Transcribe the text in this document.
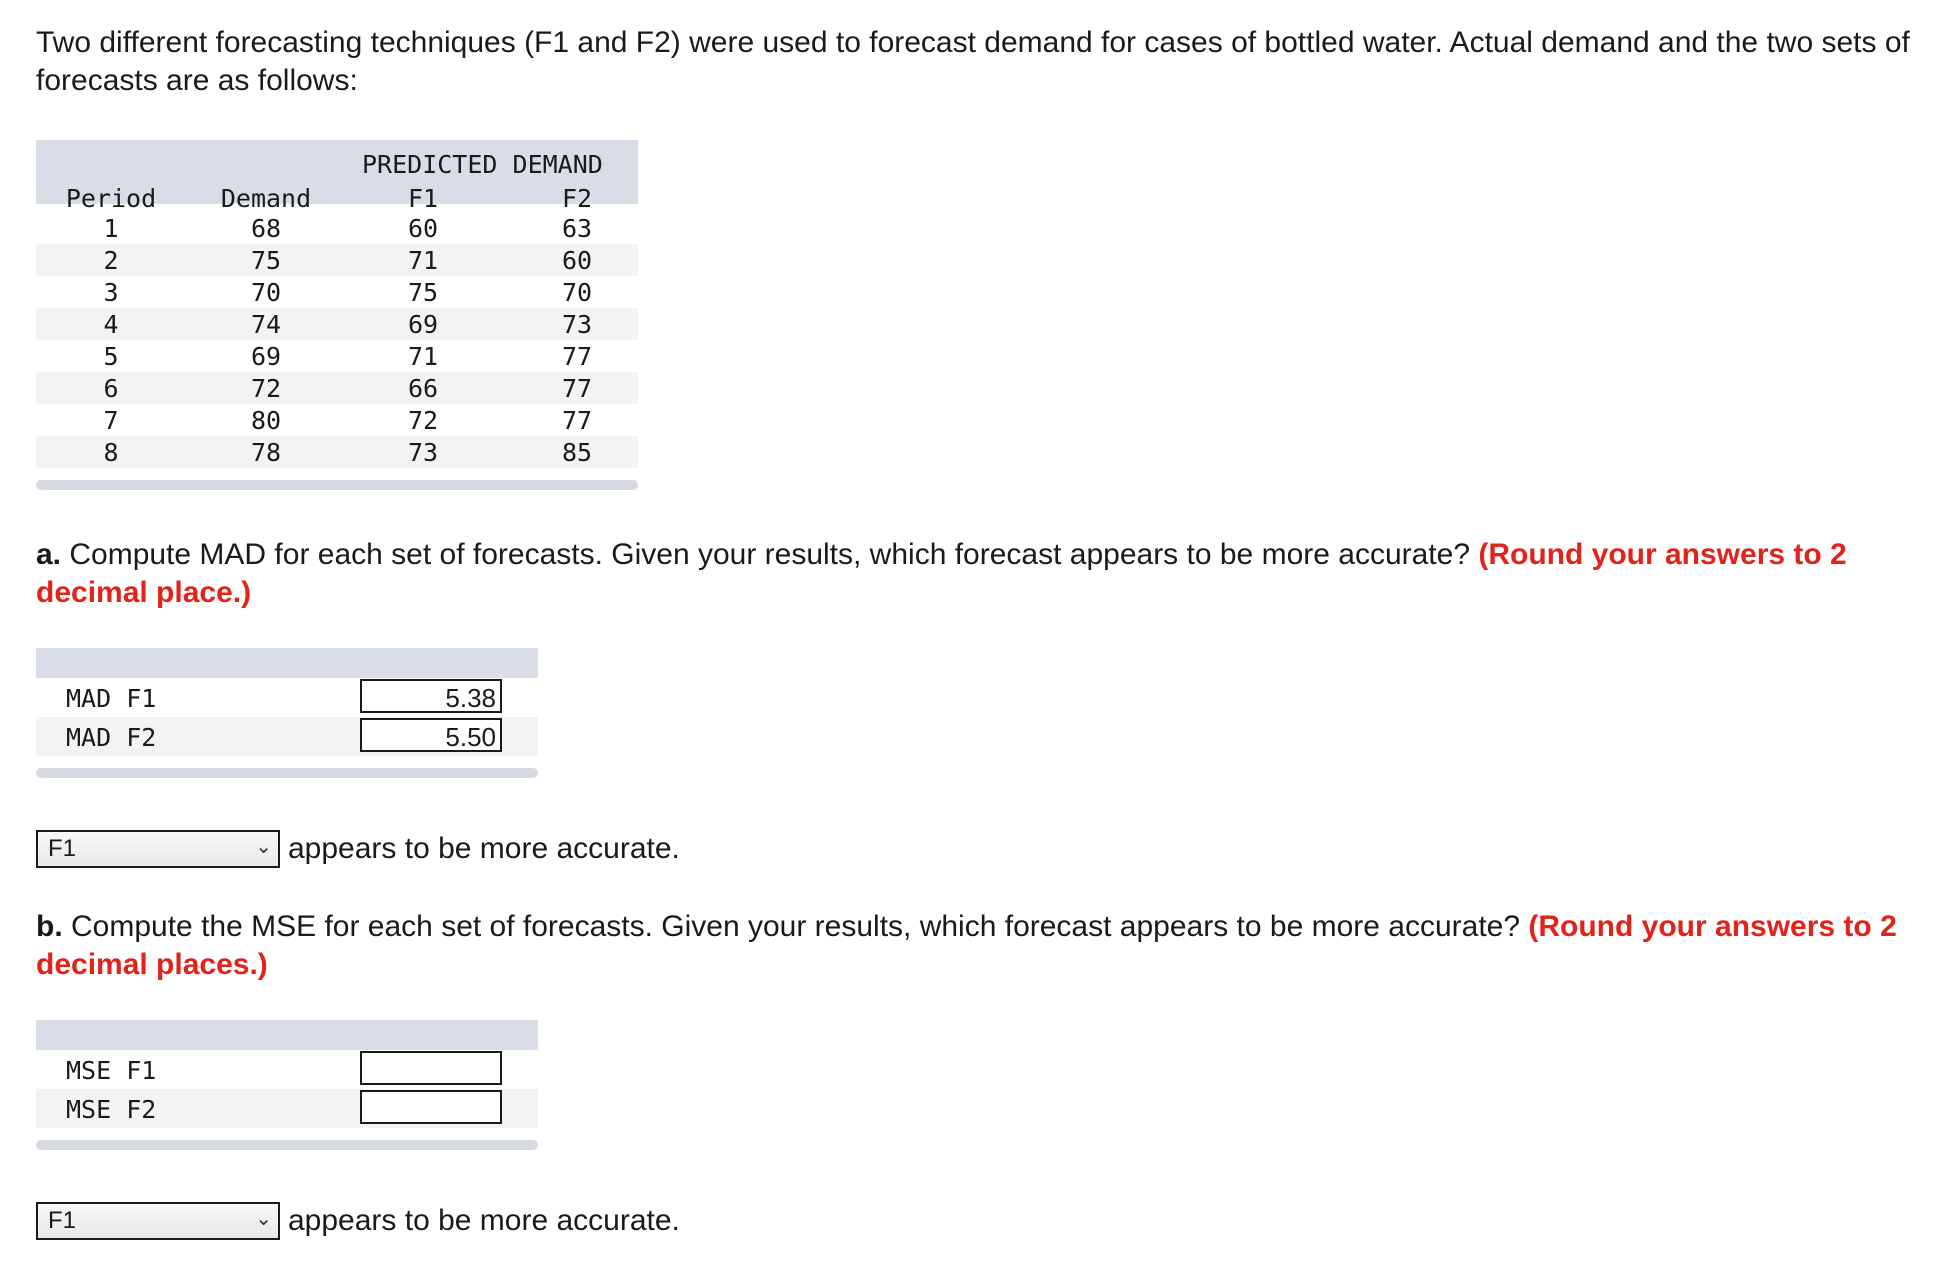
Two different forecasting techniques (F1 and F2) were used to forecast demand for cases of bottled water. Actual demand and the two sets of forecasts are as follows:

PREDICTED DEMAND
Period	Demand	F1	F2
1	68	60	63
2	75	71	60
3	70	75	70
4	74	69	73
5	69	71	77
6	72	66	77
7	80	72	77
8	78	73	85

a. Compute MAD for each set of forecasts. Given your results, which forecast appears to be more accurate? (Round your answers to 2 decimal place.)

MAD F1	5.38
MAD F2	5.50
F1	⌄ appears to be more accurate.

b. Compute the MSE for each set of forecasts. Given your results, which forecast appears to be more accurate? (Round your answers to 2 decimal places.)

MSE F1
MSE F2
F1	⌄ appears to be more accurate.
